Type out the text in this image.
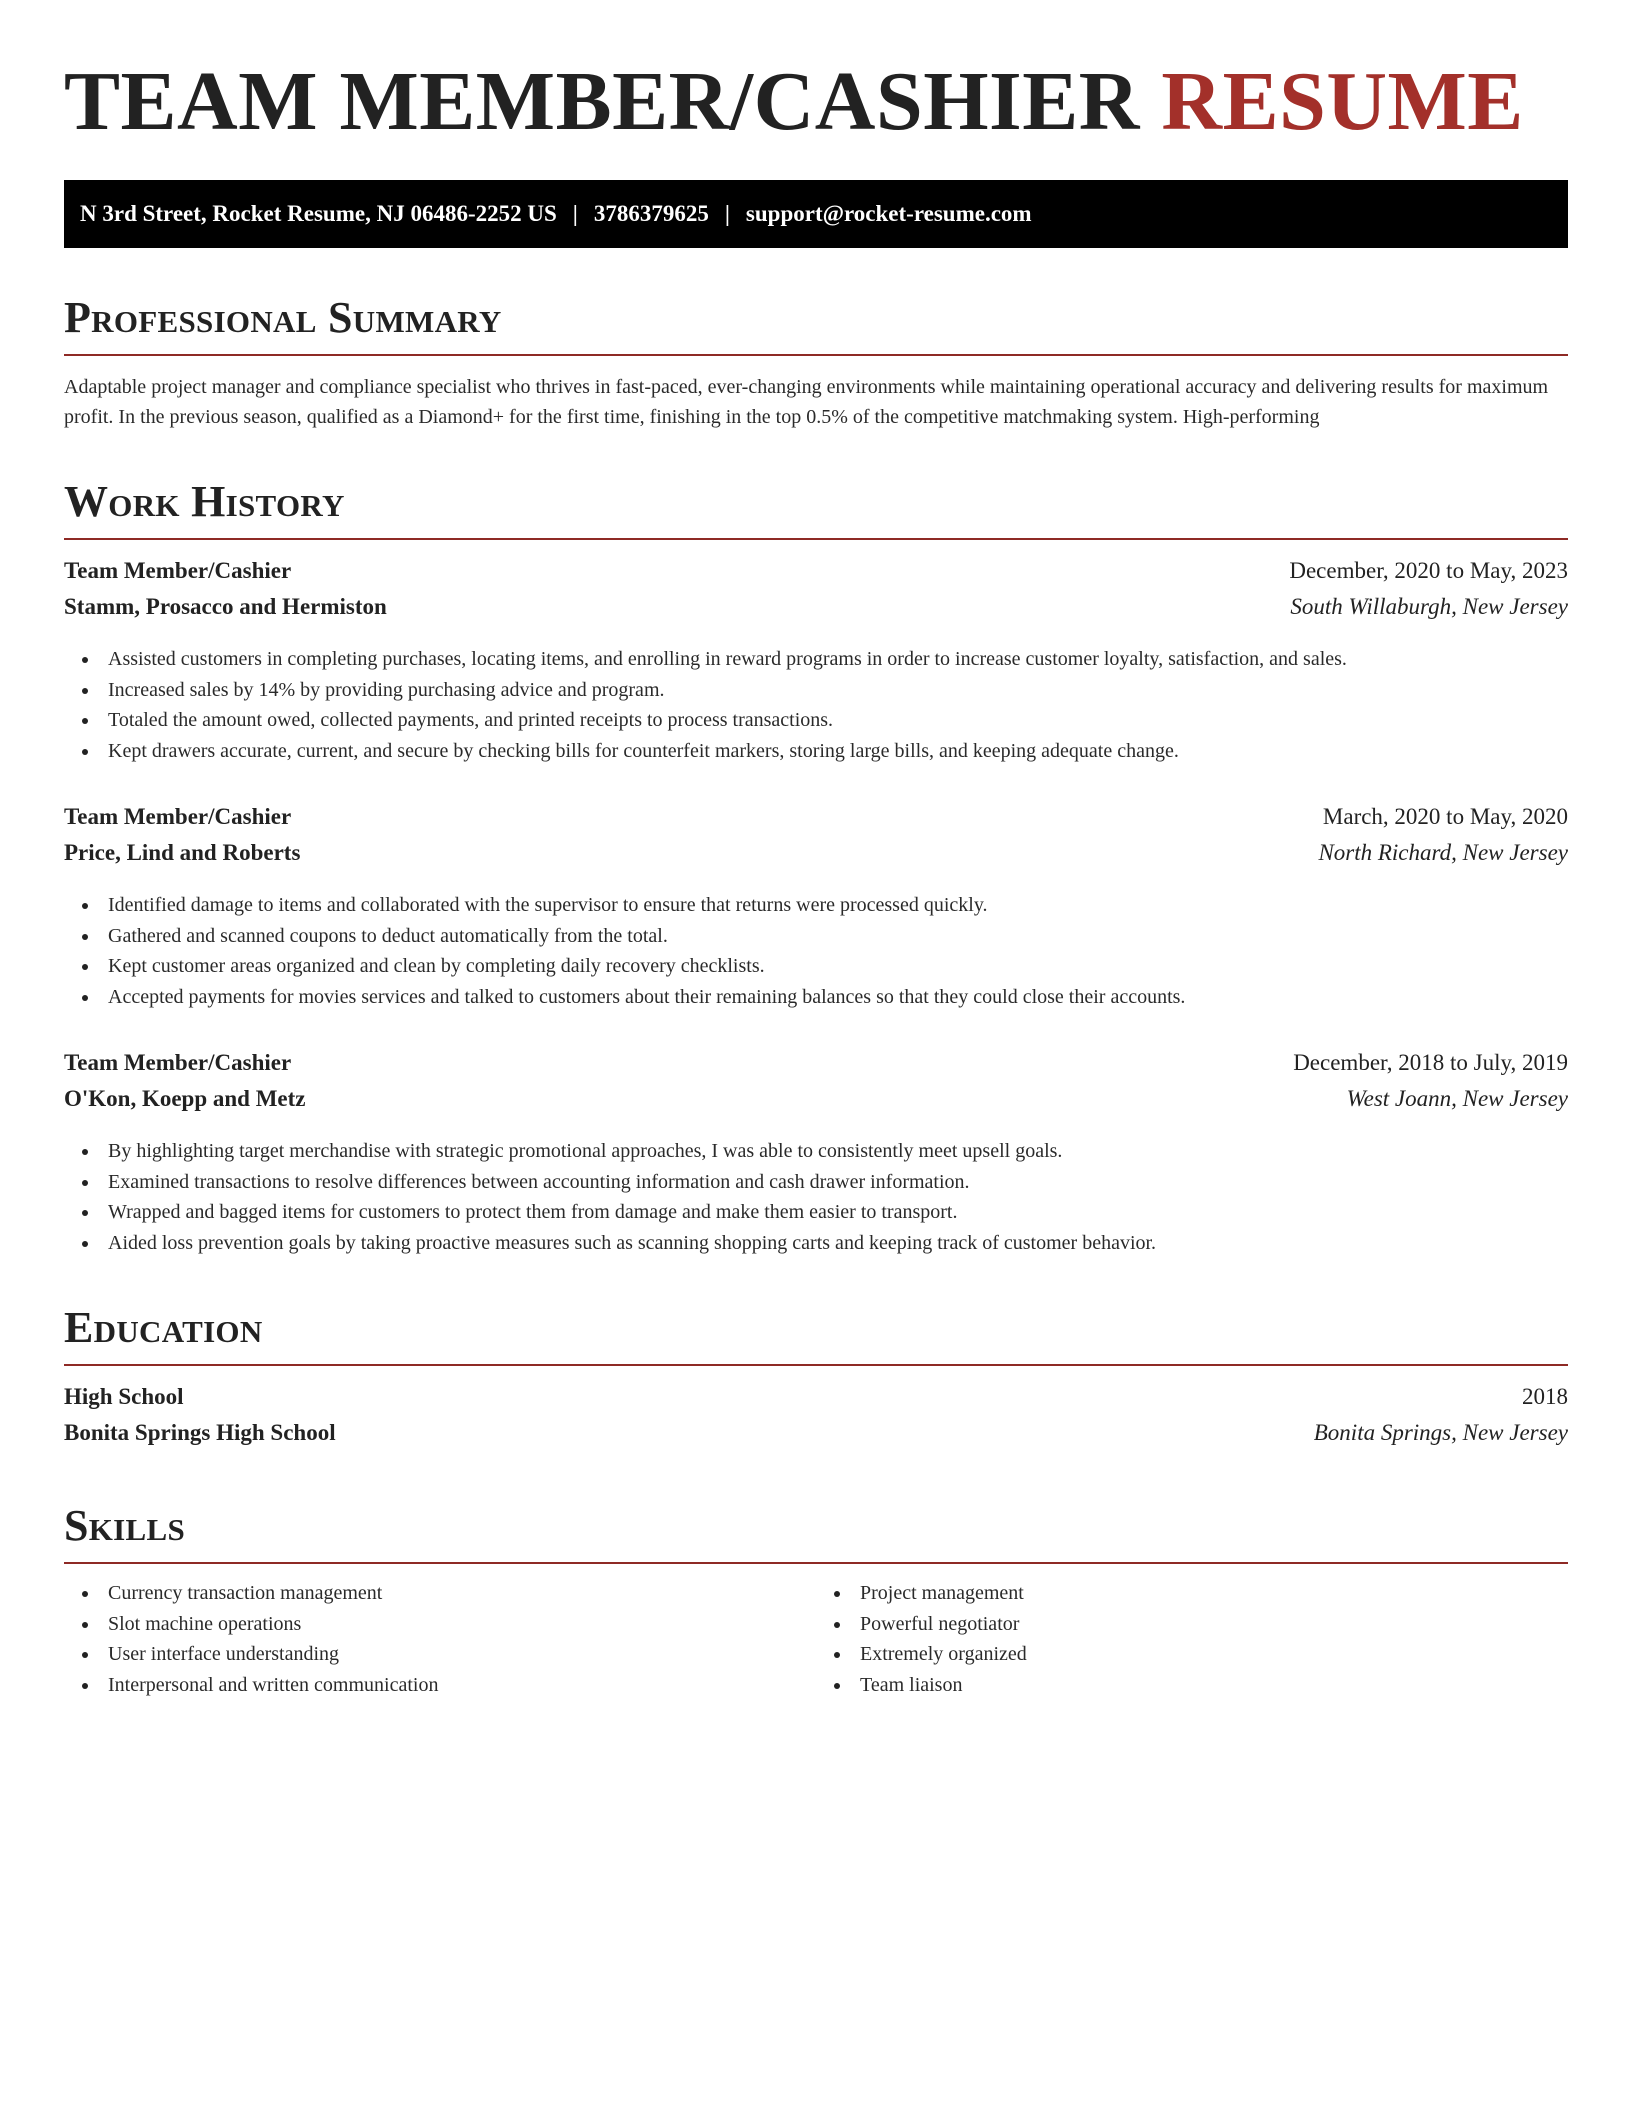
TEAM MEMBER/CASHIER RESUME
N 3rd Street, Rocket Resume, NJ 06486-2252 US | 3786379625 | support@rocket-resume.com
Professional Summary

Adaptable project manager and compliance specialist who thrives in fast-paced, ever-changing environments while maintaining operational accuracy and delivering results for maximum profit. In the previous season, qualified as a Diamond+ for the first time, finishing in the top 0.5% of the competitive matchmaking system. High-performing

Work History
Team Member/Cashier	December, 2020 to May, 2023
Stamm, Prosacco and Hermiston	South Willaburgh, New Jersey
Assisted customers in completing purchases, locating items, and enrolling in reward programs in order to increase customer loyalty, satisfaction, and sales.
Increased sales by 14% by providing purchasing advice and program.
Totaled the amount owed, collected payments, and printed receipts to process transactions.
Kept drawers accurate, current, and secure by checking bills for counterfeit markers, storing large bills, and keeping adequate change.
Team Member/Cashier	March, 2020 to May, 2020
Price, Lind and Roberts	North Richard, New Jersey
Identified damage to items and collaborated with the supervisor to ensure that returns were processed quickly.
Gathered and scanned coupons to deduct automatically from the total.
Kept customer areas organized and clean by completing daily recovery checklists.
Accepted payments for movies services and talked to customers about their remaining balances so that they could close their accounts.
Team Member/Cashier	December, 2018 to July, 2019
O'Kon, Koepp and Metz	West Joann, New Jersey
By highlighting target merchandise with strategic promotional approaches, I was able to consistently meet upsell goals.
Examined transactions to resolve differences between accounting information and cash drawer information.
Wrapped and bagged items for customers to protect them from damage and make them easier to transport.
Aided loss prevention goals by taking proactive measures such as scanning shopping carts and keeping track of customer behavior.
Education
High School	2018
Bonita Springs High School	Bonita Springs, New Jersey
Skills
Currency transaction management
Slot machine operations
User interface understanding
Interpersonal and written communication
Project management
Powerful negotiator
Extremely organized
Team liaison
